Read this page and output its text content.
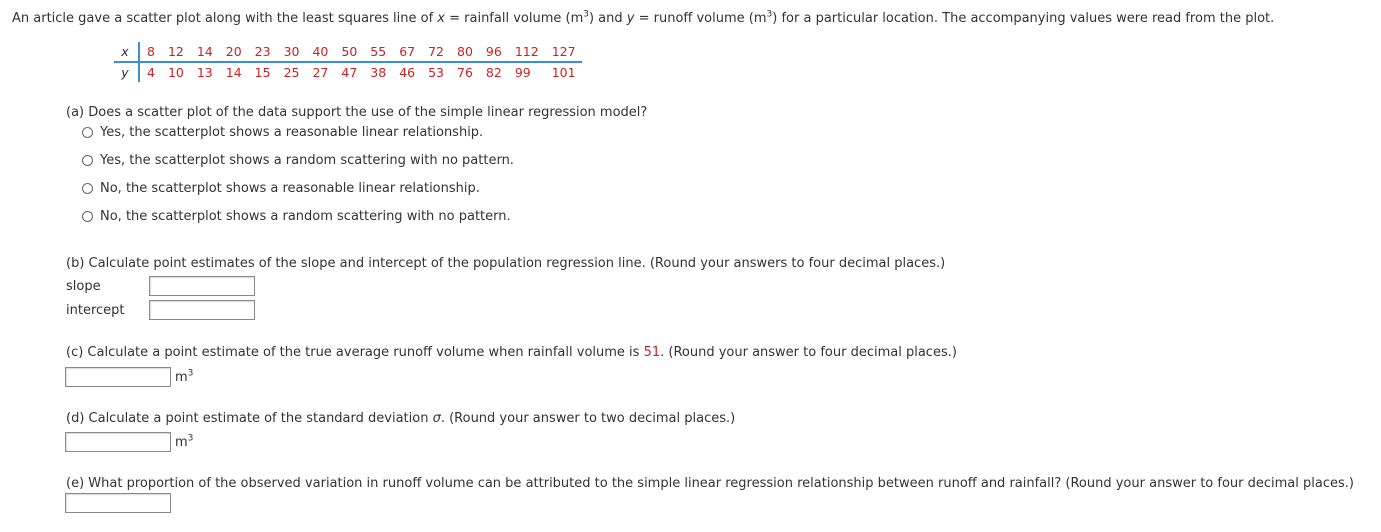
An article gave a scatter plot along with the least squares line of x = rainfall volume $(m^3)$ and y = runoff volume $(m^3)$ for a particular location. The accompanying values were read from the plot.
x	8	12	14	20	23	30	40	50	55	67	72	80	96	112	127
y	4	10	13	14	15	25	27	47	38	46	53	76	82	99	101
(a) Does a scatter plot of the data support the use of the simple linear regression model?
Yes, the scatterplot shows a reasonable linear relationship.
Yes, the scatterplot shows a random scattering with no pattern.
No, the scatterplot shows a reasonable linear relationship.
No, the scatterplot shows a random scattering with no pattern.
(b) Calculate point estimates of the slope and intercept of the population regression line. (Round your answers to four decimal places.)
slope
intercept
(c) Calculate a point estimate of the true average runoff volume when rainfall volume is 51. (Round your answer to four decimal places.)
$m^3$
(d) Calculate a point estimate of the standard deviation σ. (Round your answer to two decimal places.)
$m^3$
(e) What proportion of the observed variation in runoff volume can be attributed to the simple linear regression relationship between runoff and rainfall? (Round your answer to four decimal places.)
